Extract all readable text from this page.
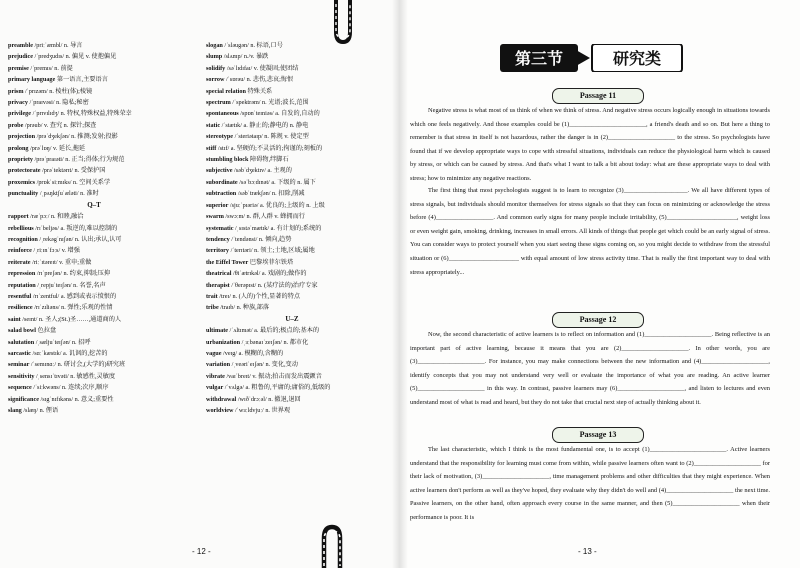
preamble /priːˈæmbl/ n. 导言
prejudice /ˈpredʒudɪs/ n. 偏见 v. 使抱偏见
premise /ˈpremɪs/ n. 前提
primary language 第一语言,主要语言
prism /ˈprɪzəm/ n. 棱柱(体);棱镜
privacy /ˈpraɪvəsi/ n. 隐私;秘密
privilege /ˈprɪvɪlɪdʒ/ n. 特权,特殊权益,特殊荣幸
probe /prəub/ v. 查究 n. 探针;探查
projection /prəˈdʒekʃən/ n. 推测;发射;投影
prolong /prəˈlɒŋ/ v. 延长,拖延
propriety /prəˈpraɪəti/ n. 正当;得体;行为规范
protectorate /prəˈtektərɪt/ n. 受保护国
proxemics /prɒkˈsiːmɪks/ n. 空间关系学
punctuality /ˌpʌŋktʃuˈæləti/ n. 准时
Q–T
rapport /ræˈpɔː/ n. 和睦,融洽
rebellious /rɪˈbeljəs/ a. 叛逆的,难以控制的
recognition /ˌrekəgˈnɪʃən/ n. 认出;承认,认可
reinforce /ˌriːɪnˈfɔːs/ v. 增强
reiterate /riːˈɪtəreɪt/ v. 重申;重做
repression /rɪˈpreʃən/ n. 约束,抑制;压抑
reputation /ˌrepjuˈteɪʃən/ n. 名誉,名声
resentful /rɪˈzentful/ a. 感到或表示愤恨的
resilience /rɪˈzɪliəns/ n. 弹性;乐观的性情
saint /seɪnt/ n. 圣人;(St.)圣……,通道商的人
salad bowl 色拉盘
salutation /ˌsæljuˈteɪʃən/ n. 招呼
sarcastic /sɑːˈkæstɪk/ a. 讥讽的,挖苦的
seminar /ˈsemɪnɑː/ n. 研讨会,(大学的)研究班
sensitivity /ˌsensɪˈtɪvəti/ n. 敏感性,灵敏度
sequence /ˈsiːkwəns/ n. 连续;次序,顺序
significance /sɪgˈnɪfɪkəns/ n. 意义;重要性
slang /slæŋ/ n. 俚语
slogan /ˈsləugən/ n. 标语,口号
slump /slʌmp/ n./v. 暴跌
solidify /səˈlɪdɪfaɪ/ v. 使凝固;使团结
sorrow /ˈsɒrəu/ n. 悲伤,悲哀;悔恨
special relation 特殊关系
spectrum /ˈspektrəm/ n. 光谱;波长,范围
spontaneous /spɒnˈteɪniəs/ a. 自发的,自动的
static /ˈstætɪk/ a. 静止的;静电的 n. 静电
stereotype /ˈsteriətaɪp/ n. 陈规 v. 使定型
stiff /stɪf/ a. 坚硬的;不灵活的;拘谨的;刻板的
stumbling block 障碍物,绊脚石
subjective /səbˈdʒektɪv/ a. 主观的
subordinate /səˈbɔːdɪnət/ a. 下级的 n. 属下
subtraction /səbˈtrækʃən/ n. 扣除,削减
superior /sjuːˈpɪəriə/ a. 优良的;上级的 n. 上级
swarm /swɔːm/ n. 群,人群 v. 蜂拥而行
systematic /ˌsɪstəˈmætɪk/ a. 有计划的;系统的
tendency /ˈtendənsi/ n. 倾向,趋势
territory /ˈterɪtəri/ n. 领土;土地,区域;属地
the Eiffel Tower 巴黎埃菲尔铁塔
theatrical /θiˈætrɪkəl/ a. 戏剧的;做作的
therapist /ˈθerəpɪst/ n. (某疗法的)治疗专家
trait /treɪ/ n. (人的)个性,显著的特点
tribe /traɪb/ n. 种族,部落
U–Z
ultimate /ˈʌltɪmət/ a. 最后的;极点的;基本的
urbanization /ˌɜːbənaɪˈzeɪʃən/ n. 都市化
vague /veɪg/ a. 模糊的,含糊的
variation /ˌveəriˈeɪʃən/ n. 变化,变动
vibrate /vaɪˈbreɪt/ v. 振动;拍击而发出震颤音
vulgar /ˈvʌlgə/ a. 粗鲁的,平庸的;庸俗的,低级的
withdrawal /wɪðˈdrɔːəl/ n. 撤退,退回
worldview /ˈwɜːldvjuː/ n. 世界观
- 12 -
第三节	研究类
Passage 11
Negative stress is what most of us think of when we think of stress. And negative stress occurs logically enough in situations towards which one feels negatively. And those examples could be (1)________________________, a friend's death and so on. But here a thing to remember is that stress in itself is not hazardous, rather the danger is in (2)_____________________ to the stress. So psychologists have found that if we develop appropriate ways to cope with stressful situations, individuals can reduce the physiological harm which is caused by stress, or which can be caused by stress. And that's what I want to talk a bit about today: what are these appropriate ways to deal with stress; how to minimize any negative reactions.
The first thing that most psychologists suggest is to learn to recognize (3)____________________. We all have different types of stress signals, but individuals should monitor themselves for stress signals so that they can focus on minimizing or acknowledge the stress before (4)__________________. And common early signs for many people include irritability, (5)______________________, weight loss or even weight gain, smoking, drinking, increases in small errors. All kinds of things that people get which could be an early signal of stress. You can consider ways to protect yourself when you start seeing these signs coming on, so you might decide to withdraw from the stressful situation or (6)______________________ with equal amount of low stress activity time. That is really the first important way to deal with stress appropriately...
Passage 12
Now, the second characteristic of active learners is to reflect on information and (1)_____________________. Being reflective is an important part of active learning, because it means that you are (2)_____________________. In other words, you are (3)_____________________. For instance, you may make connections between the new information and (4)_____________________, identify concepts that you may not understand very well or evaluate the importance of what you are reading. An active learner (5)_____________________ in this way. In contrast, passive learners may (6)_____________________, and listen to lectures and even understand most of what is read and heard, but they do not take that crucial next step of actually thinking about it.
Passage 13
The last characteristic, which I think is the most fundamental one, is to accept (1)________________________. Active learners understand that the responsibility for learning must come from within, while passive learners often want to (2)_____________________ for their lack of motivation, (3)_____________________, time management problems and other difficulties that they might experience. When active learners don't perform as well as they've hoped, they evaluate why they didn't do well and (4)_____________________ the next time. Passive learners, on the other hand, often approach every course in the same manner, and then (5)_____________________ when their performance is poor. It is
- 13 -
